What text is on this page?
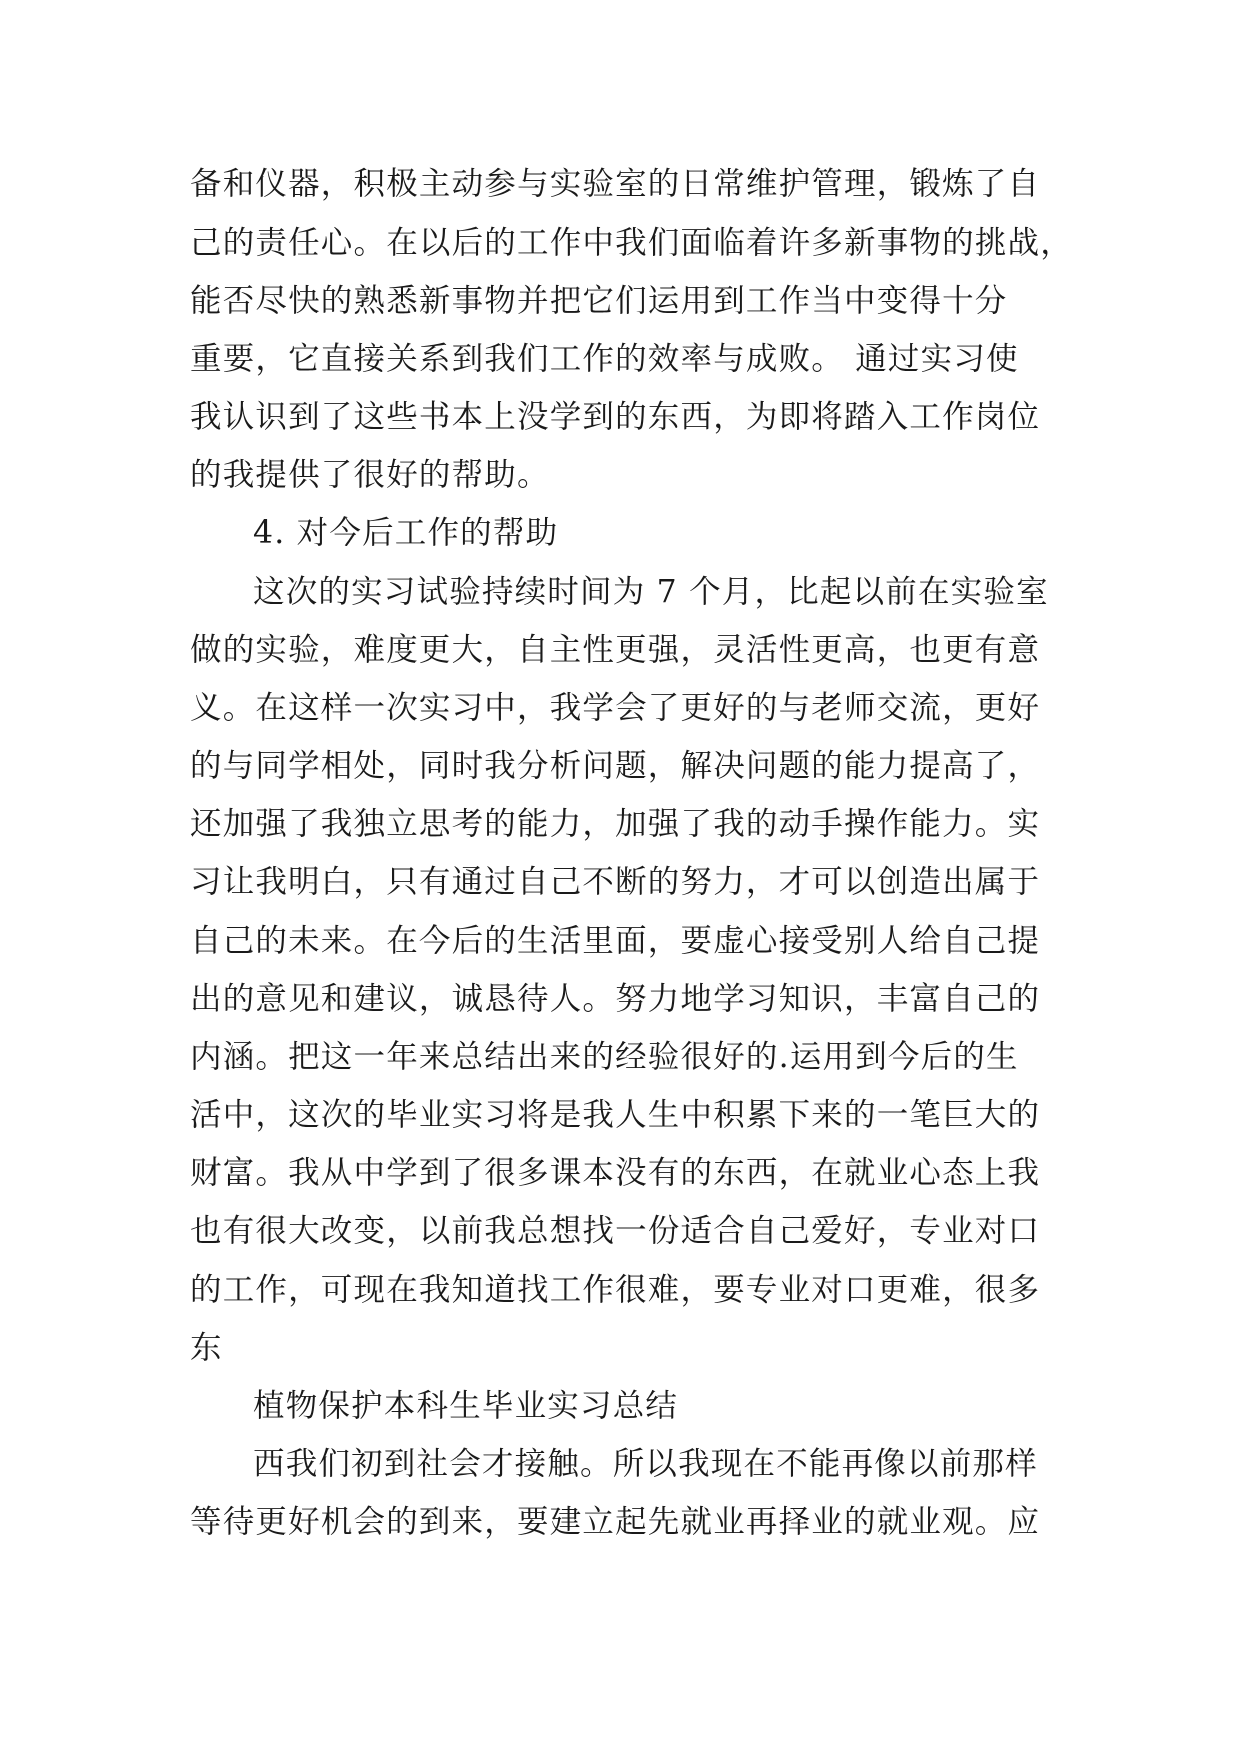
备和仪器，积极主动参与实验室的日常维护管理，锻炼了自
己的责任心。在以后的工作中我们面临着许多新事物的挑战，
能否尽快的熟悉新事物并把它们运用到工作当中变得十分
重要，它直接关系到我们工作的效率与成败。 通过实习使
我认识到了这些书本上没学到的东西，为即将踏入工作岗位
的我提供了很好的帮助。
4. 对今后工作的帮助
这次的实习试验持续时间为 7 个月，比起以前在实验室
做的实验，难度更大，自主性更强，灵活性更高，也更有意
义。在这样一次实习中，我学会了更好的与老师交流，更好
的与同学相处，同时我分析问题，解决问题的能力提高了，
还加强了我独立思考的能力，加强了我的动手操作能力。实
习让我明白，只有通过自己不断的努力，才可以创造出属于
自己的未来。在今后的生活里面，要虚心接受别人给自己提
出的意见和建议，诚恳待人。努力地学习知识，丰富自己的
内涵。把这一年来总结出来的经验很好的.运用到今后的生
活中，这次的毕业实习将是我人生中积累下来的一笔巨大的
财富。我从中学到了很多课本没有的东西，在就业心态上我
也有很大改变，以前我总想找一份适合自己爱好，专业对口
的工作，可现在我知道找工作很难，要专业对口更难，很多
东
植物保护本科生毕业实习总结
西我们初到社会才接触。所以我现在不能再像以前那样
等待更好机会的到来，要建立起先就业再择业的就业观。应
